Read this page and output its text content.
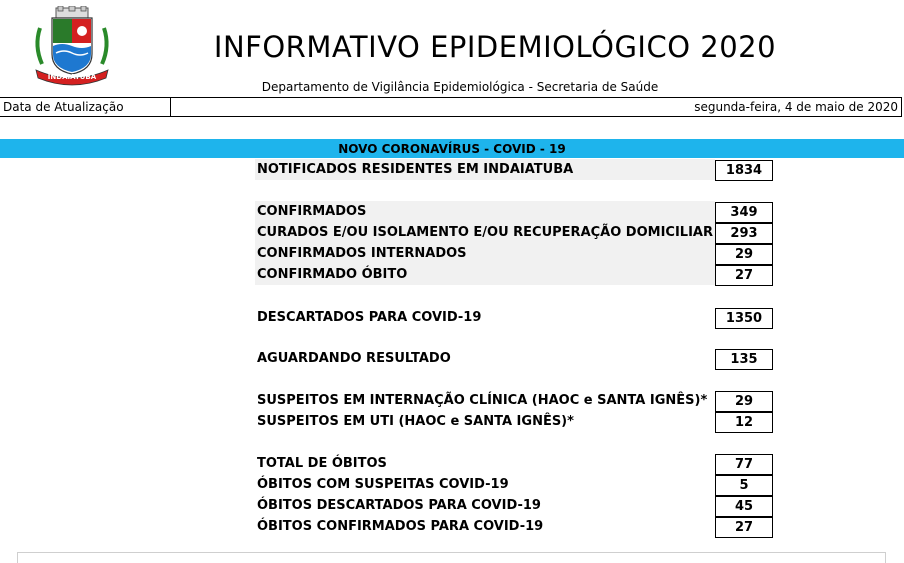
INDAIATUBA
INFORMATIVO EPIDEMIOLÓGICO 2020
Departamento de Vigilância Epidemiológica - Secretaria de Saúde
Data de Atualização	segunda-feira, 4 de maio de 2020
NOVO CORONAVÍRUS - COVID - 19
NOTIFICADOS RESIDENTES EM INDAIATUBA	1834
CONFIRMADOS	349
CURADOS E/OU ISOLAMENTO E/OU RECUPERAÇÃO DOMICILIAR	293
CONFIRMADOS INTERNADOS	29
CONFIRMADO ÓBITO	27
DESCARTADOS PARA COVID-19	1350
AGUARDANDO RESULTADO	135
SUSPEITOS EM INTERNAÇÃO CLÍNICA (HAOC e SANTA IGNÊS)*	29
SUSPEITOS EM UTI (HAOC e SANTA IGNÊS)*	12
TOTAL DE ÓBITOS	77
ÓBITOS COM SUSPEITAS COVID-19	5
ÓBITOS DESCARTADOS PARA COVID-19	45
ÓBITOS CONFIRMADOS PARA COVID-19	27
